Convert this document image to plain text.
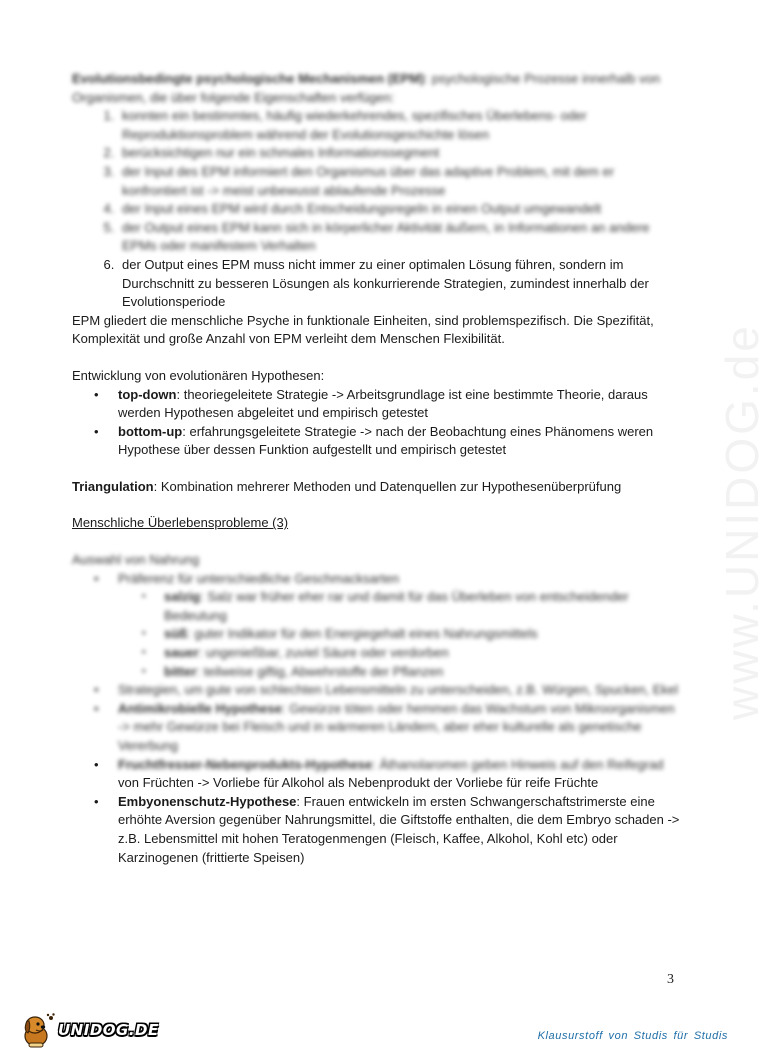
www.UNIDOG.de

Evolutionsbedingte psychologische Mechanismen (EPM): psychologische Prozesse innerhalb von Organismen, die über folgende Eigenschaften verfügen:

1. konnten ein bestimmtes, häufig wiederkehrendes, spezifisches Überlebens- oder Reproduktionsproblem während der Evolutionsgeschichte lösen
2. berücksichtigen nur ein schmales Informationssegment
3. der Input des EPM informiert den Organismus über das adaptive Problem, mit dem er konfrontiert ist -> meist unbewusst ablaufende Prozesse
4. der Input eines EPM wird durch Entscheidungsregeln in einen Output umgewandelt
5. der Output eines EPM kann sich in körperlicher Aktivität äußern, in Informationen an andere EPMs oder manifestem Verhalten
6. der Output eines EPM muss nicht immer zu einer optimalen Lösung führen, sondern im Durchschnitt zu besseren Lösungen als konkurrierende Strategien, zumindest innerhalb der Evolutionsperiode

EPM gliedert die menschliche Psyche in funktionale Einheiten, sind problemspezifisch. Die Spezifität, Komplexität und große Anzahl von EPM verleiht dem Menschen Flexibilität.

Entwicklung von evolutionären Hypothesen:

• top-down: theoriegeleitete Strategie -> Arbeitsgrundlage ist eine bestimmte Theorie, daraus werden Hypothesen abgeleitet und empirisch getestet
• bottom-up: erfahrungsgeleitete Strategie -> nach der Beobachtung eines Phänomens weren Hypothese über dessen Funktion aufgestellt und empirisch getestet

Triangulation: Kombination mehrerer Methoden und Datenquellen zur Hypothesenüberprüfung

Menschliche Überlebensprobleme (3)

Auswahl von Nahrung

• Präferenz für unterschiedliche Geschmacksarten
▪ salzig: Salz war früher eher rar und damit für das Überleben von entscheidender Bedeutung
▪ süß: guter Indikator für den Energiegehalt eines Nahrungsmittels
▪ sauer: ungenießbar, zuviel Säure oder verdorben
▪ bitter: teilweise giftig, Abwehrstoffe der Pflanzen
• Strategien, um gute von schlechten Lebensmitteln zu unterscheiden, z.B. Würgen, Spucken, Ekel
• Antimikrobielle Hypothese: Gewürze töten oder hemmen das Wachstum von Mikroorganismen -> mehr Gewürze bei Fleisch und in wärmeren Ländern, aber eher kulturelle als genetische Vererbung
• Fruchtfresser-Nebenprodukts-Hypothese: Äthanolaromen geben Hinweis auf den Reifegrad
von Früchten -> Vorliebe für Alkohol als Nebenprodukt der Vorliebe für reife Früchte
• Embyonenschutz-Hypothese: Frauen entwickeln im ersten Schwangerschaftstrimerste eine erhöhte Aversion gegenüber Nahrungsmittel, die Giftstoffe enthalten, die dem Embryo schaden -> z.B. Lebensmittel mit hohen Teratogenmengen (Fleisch, Kaffee, Alkohol, Kohl etc) oder Karzinogenen (frittierte Speisen)
3
UNIDOG.DE	Klausurstoff von Studis für Studis
